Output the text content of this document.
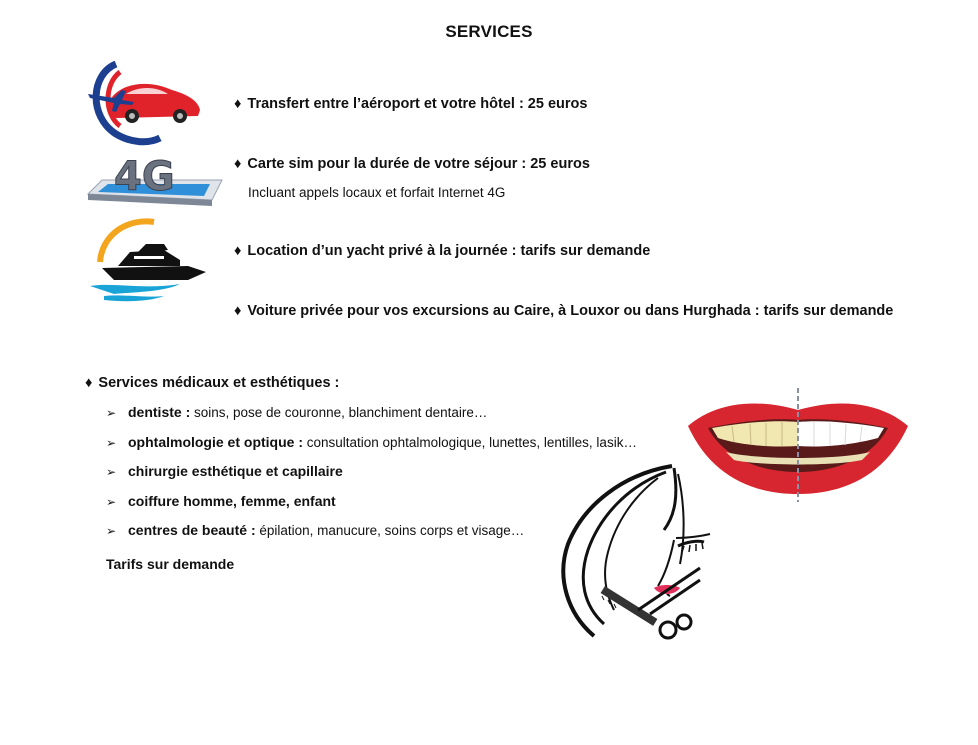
SERVICES
♦ Transfert entre l’aéroport et votre hôtel : 25 euros
4G	♦ Carte sim pour la durée de votre séjour : 25 euros
Incluant appels locaux et forfait Internet 4G
♦ Location d’un yacht privé à la journée : tarifs sur demande
♦ Voiture privée pour vos excursions au Caire, à Louxor ou dans Hurghada : tarifs sur demande
♦ Services médicaux et esthétiques :
➢ dentiste : soins, pose de couronne, blanchiment dentaire…
➢ ophtalmologie et optique : consultation ophtalmologique, lunettes, lentilles, lasik…
➢ chirurgie esthétique et capillaire
➢ coiffure homme, femme, enfant
➢ centres de beauté : épilation, manucure, soins corps et visage…
Tarifs sur demande
